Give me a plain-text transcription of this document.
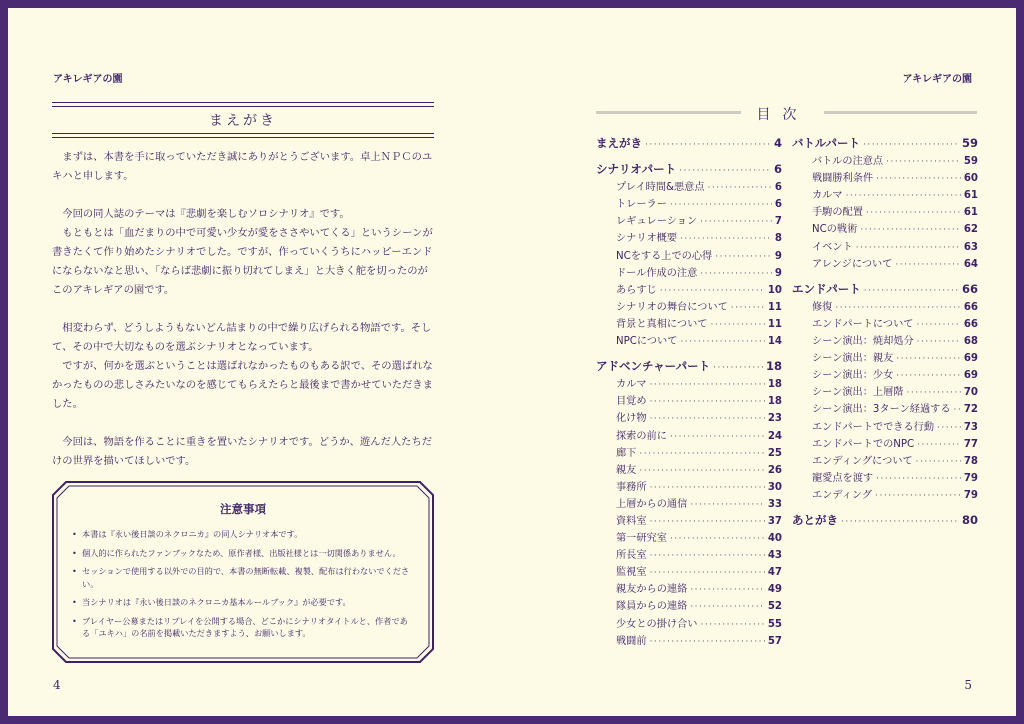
アキレギアの園
まえがき

まずは、本書を手に取っていただき誠にありがとうございます。卓上ＮＰＣのユキハと申します。

今回の同人誌のテーマは『悲劇を楽しむソロシナリオ』です。

もともとは「血だまりの中で可愛い少女が愛をささやいてくる」というシーンが書きたくて作り始めたシナリオでした。ですが、作っていくうちにハッピーエンドにならないなと思い、「ならば悲劇に振り切れてしまえ」と大きく舵を切ったのがこのアキレギアの園です。

相変わらず、どうしようもないどん詰まりの中で繰り広げられる物語です。そして、その中で大切なものを選ぶシナリオとなっています。

ですが、何かを選ぶということは選ばれなかったものもある訳で、その選ばれなかったものの悲しさみたいなのを感じてもらえたらと最後まで書かせていただきました。

今回は、物語を作ることに重きを置いたシナリオです。どうか、遊んだ人たちだけの世界を描いてほしいです。

注意事項
• 本書は『永い後日談のネクロニカ』の同人シナリオ本です。
• 個人的に作られたファンブックなため、原作者様、出版社様とは一切関係ありません。
• セッションで使用する以外での目的で、本書の無断転載、複製、配布は行わないでください。
• 当シナリオは『永い後日談のネクロニカ基本ルールブック』が必要です。
• プレイヤー公募またはリプレイを公開する場合、どこかにシナリオタイトルと、作者である「ユキハ」の名前を掲載いただきますよう、お願いします。
4
アキレギアの園
目次
まえがき ·····	4
シナリオパート ·····	6
プレイ時間&悪意点 ·····	6
トレーラー ·····	6
レギュレーション ·····	7
シナリオ概要 ·····	8
NCをする上での心得 ·····	9
ドール作成の注意 ·····	9
あらすじ ·····	10
シナリオの舞台について ·····	11
背景と真相について ·····	11
NPCについて ·····	14
アドベンチャーパート ·····	18
カルマ ·····	18
目覚め ·····	18
化け物 ·····	23
探索の前に ·····	24
廊下 ·····	25
親友 ·····	26
事務所 ·····	30
上層からの通信 ·····	33
資料室 ·····	37
第一研究室 ·····	40
所長室 ·····	43
監視室 ·····	47
親友からの連絡 ·····	49
隊員からの連絡 ·····	52
少女との掛け合い ·····	55
戦闘前 ·····	57
バトルパート ·····	59
バトルの注意点 ·····	59
戦闘勝利条件 ·····	60
カルマ ·····	61
手駒の配置 ·····	61
NCの戦術 ·····	62
イベント ·····	63
アレンジについて ·····	64
エンドパート ·····	66
修復 ·····	66
エンドパートについて ·····	66
シーン演出：焼却処分 ·····	68
シーン演出：親友 ·····	69
シーン演出：少女 ·····	69
シーン演出：上層階 ·····	70
シーン演出：3ターン経過する ····· 72
エンドパートでできる行動 ·····	73
エンドパートでのNPC ·····	77
エンディングについて ·····	78
寵愛点を渡す ·····	79
エンディング ·····	79
あとがき ·····	80
5
